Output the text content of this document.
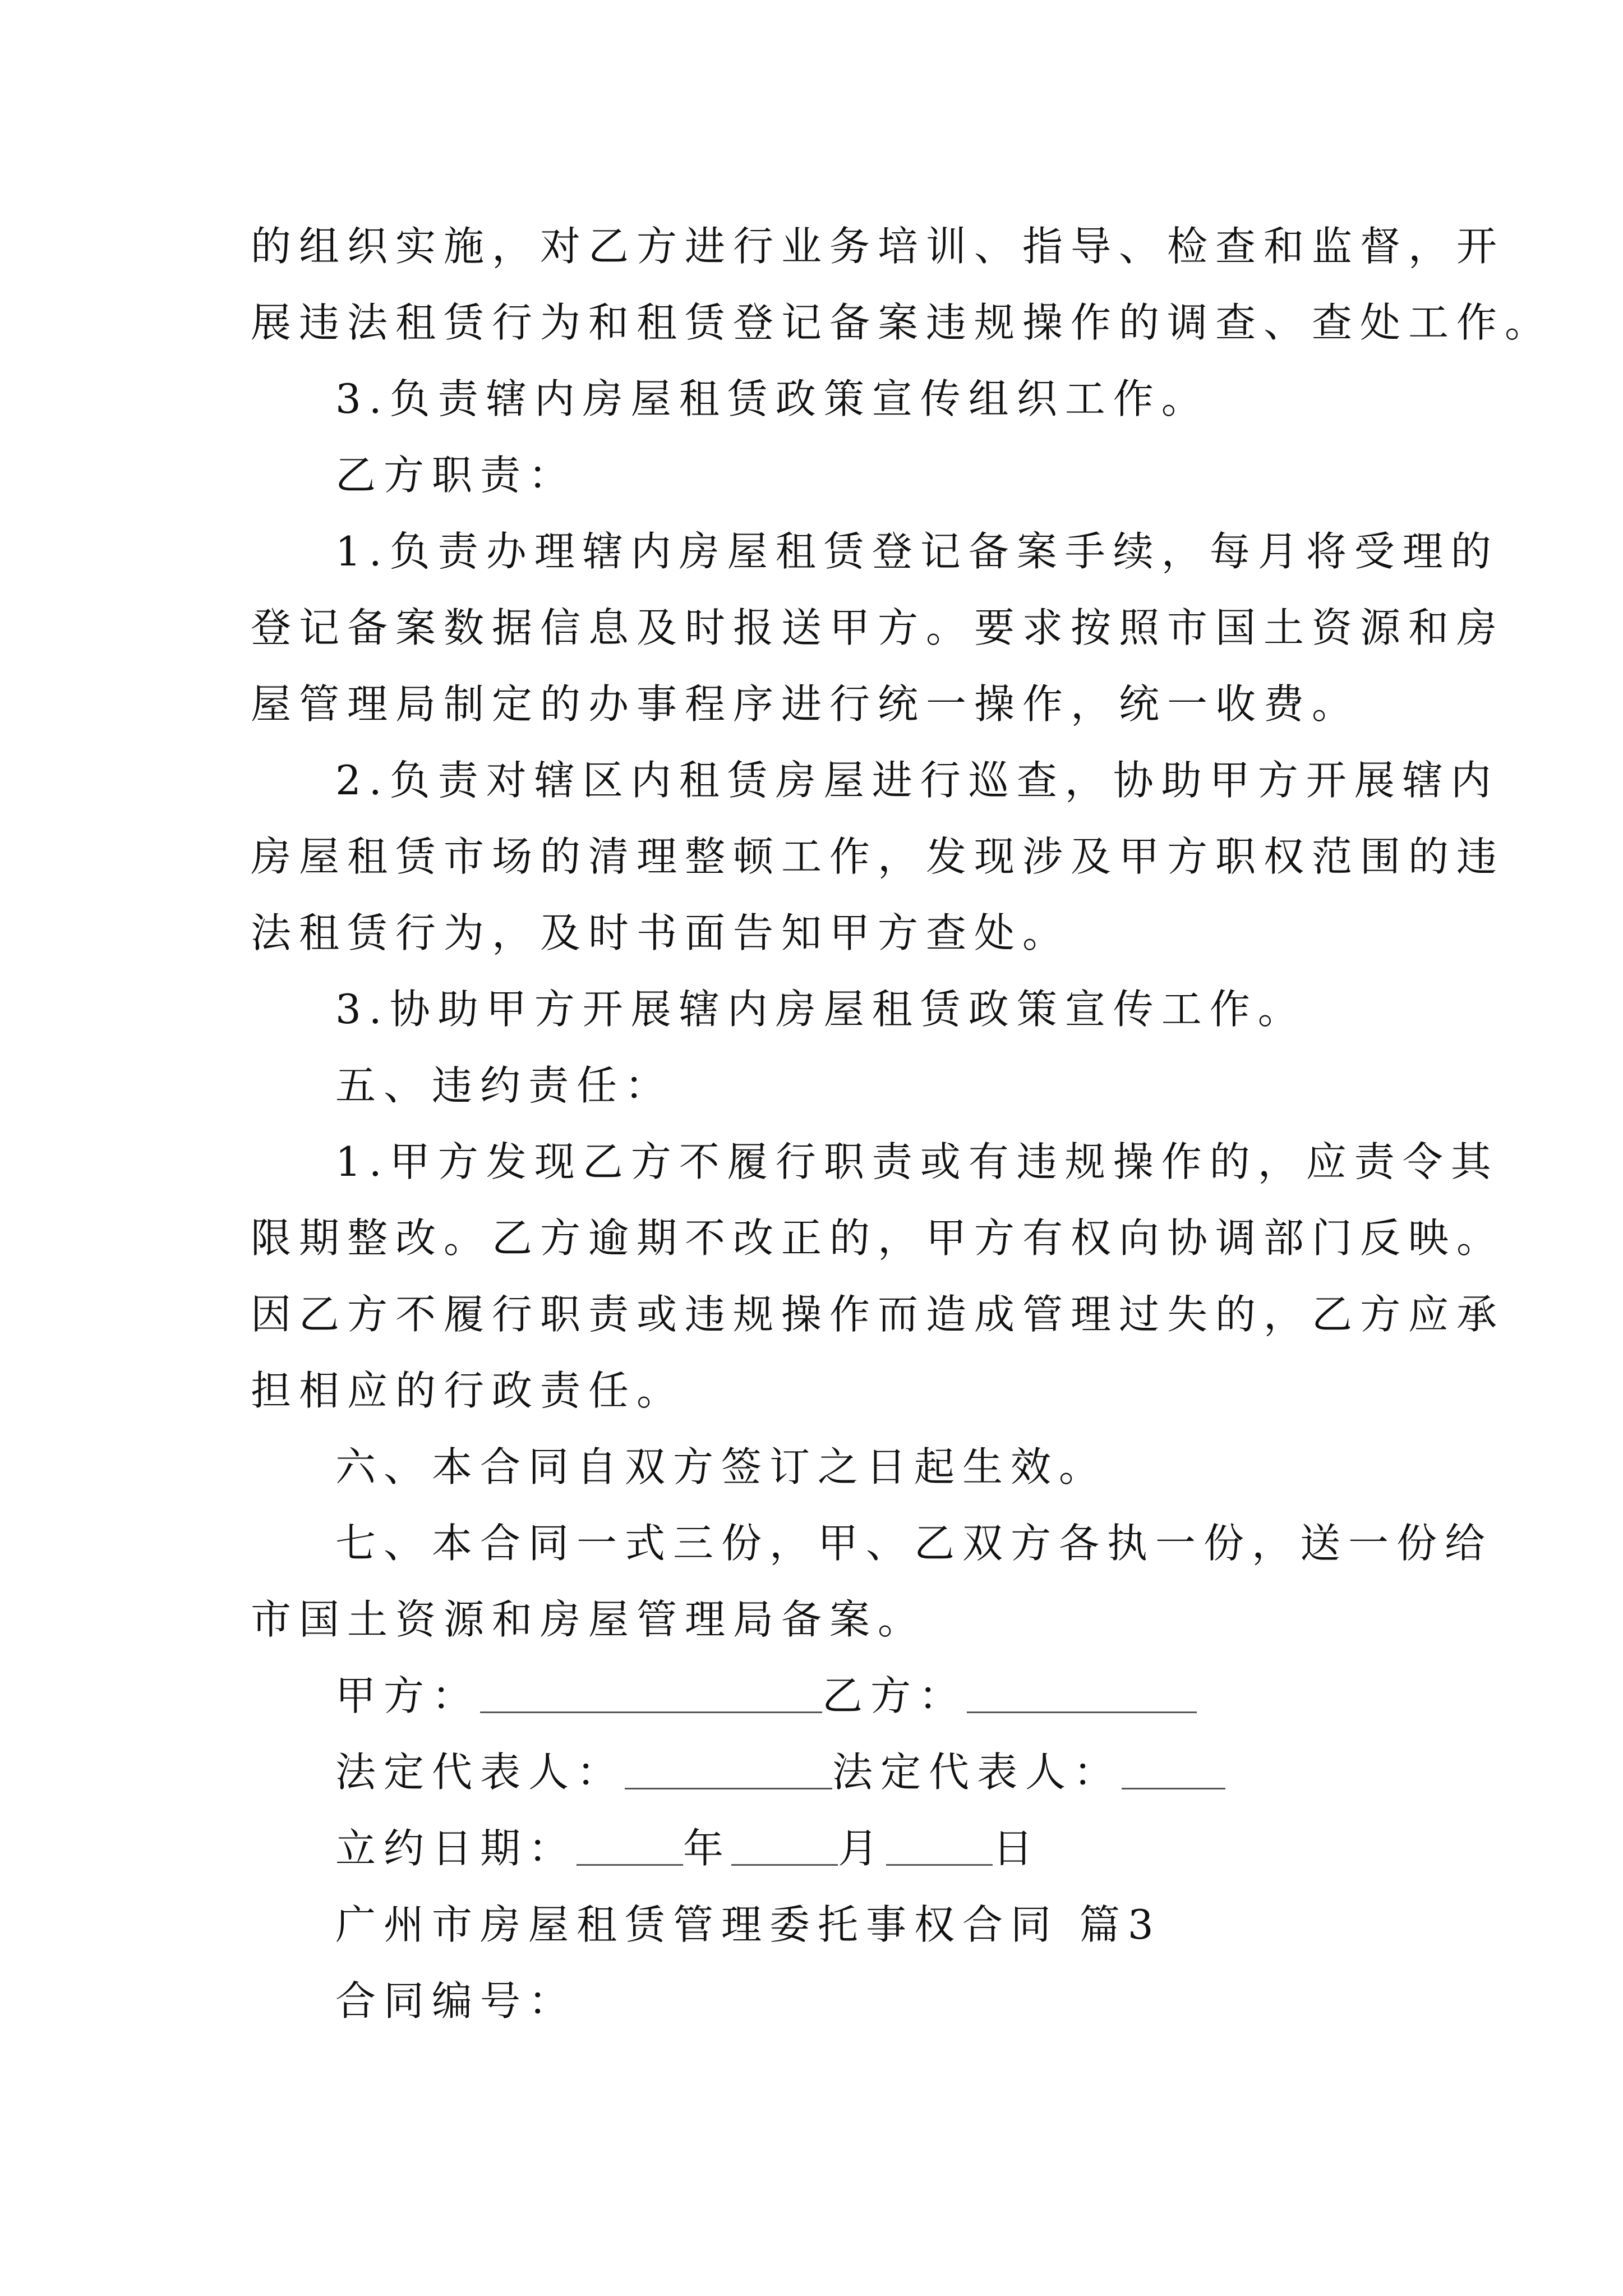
的组织实施，对乙方进行业务培训、指导、检查和监督，开
展违法租赁行为和租赁登记备案违规操作的调查、查处工作。
3.负责辖内房屋租赁政策宣传组织工作。
乙方职责：
1.负责办理辖内房屋租赁登记备案手续，每月将受理的
登记备案数据信息及时报送甲方。要求按照市国土资源和房
屋管理局制定的办事程序进行统一操作，统一收费。
2.负责对辖区内租赁房屋进行巡查，协助甲方开展辖内
房屋租赁市场的清理整顿工作，发现涉及甲方职权范围的违
法租赁行为，及时书面告知甲方查处。
3.协助甲方开展辖内房屋租赁政策宣传工作。
五、违约责任：
1.甲方发现乙方不履行职责或有违规操作的，应责令其
限期整改。乙方逾期不改正的，甲方有权向协调部门反映。
因乙方不履行职责或违规操作而造成管理过失的，乙方应承
担相应的行政责任。
六、本合同自双方签订之日起生效。
七、本合同一式三份，甲、乙双方各执一份，送一份给
市国土资源和房屋管理局备案。
甲方：	乙方：
法定代表人：	法定代表人：
立约日期：	年	月	日
广州市房屋租赁管理委托事权合同 篇3
合同编号：
